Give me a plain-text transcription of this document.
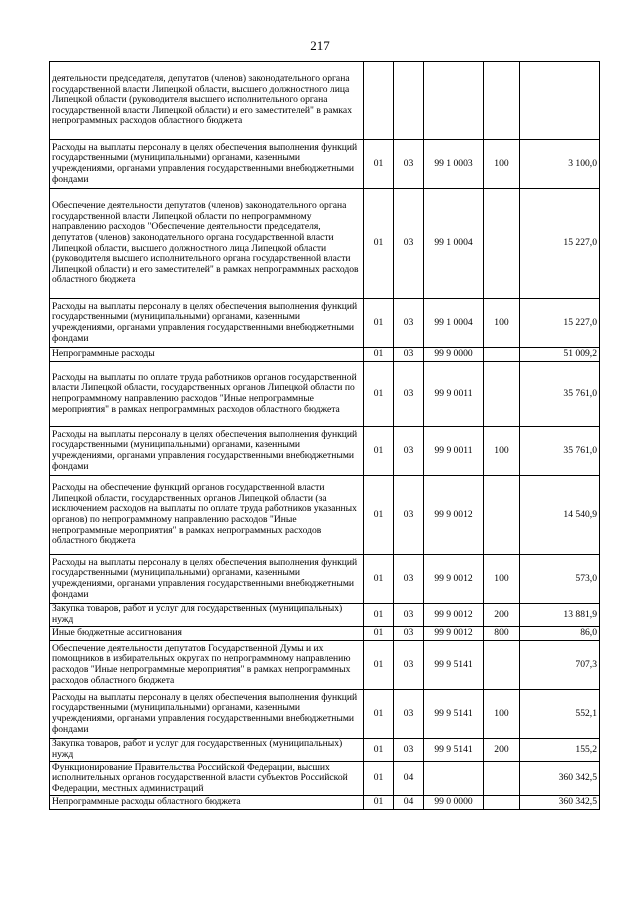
217
деятельности председателя, депутатов (членов) законодательного органа государственной власти Липецкой области, высшего должностного лица Липецкой области (руководителя высшего исполнительного органа государственной власти Липецкой области) и его заместителей" в рамках непрограммных расходов областного бюджета					
Расходы на выплаты персоналу в целях обеспечения выполнения функций государственными (муниципальными) органами, казенными учреждениями, органами управления государственными внебюджетными фондами	01	03	99 1 0003	100	3 100,0
Обеспечение деятельности депутатов (членов) законодательного органа государственной власти Липецкой области по непрограммному направлению расходов "Обеспечение деятельности председателя, депутатов (членов) законодательного органа государственной власти Липецкой области, высшего должностного лица Липецкой области (руководителя высшего исполнительного органа государственной власти Липецкой области) и его заместителей" в рамках непрограммных расходов областного бюджета	01	03	99 1 0004		15 227,0
Расходы на выплаты персоналу в целях обеспечения выполнения функций государственными (муниципальными) органами, казенными учреждениями, органами управления государственными внебюджетными фондами	01	03	99 1 0004	100	15 227,0
Непрограммные расходы	01	03	99 9 0000		51 009,2
Расходы на выплаты по оплате труда работников органов государственной власти Липецкой области, государственных органов Липецкой области по непрограммному направлению расходов "Иные непрограммные мероприятия" в рамках непрограммных расходов областного бюджета	01	03	99 9 0011		35 761,0
Расходы на выплаты персоналу в целях обеспечения выполнения функций государственными (муниципальными) органами, казенными учреждениями, органами управления государственными внебюджетными фондами	01	03	99 9 0011	100	35 761,0
Расходы на обеспечение функций органов государственной власти Липецкой области, государственных органов Липецкой области (за исключением расходов на выплаты по оплате труда работников указанных органов) по непрограммному направлению расходов "Иные непрограммные мероприятия" в рамках непрограммных расходов областного бюджета	01	03	99 9 0012		14 540,9
Расходы на выплаты персоналу в целях обеспечения выполнения функций государственными (муниципальными) органами, казенными учреждениями, органами управления государственными внебюджетными фондами	01	03	99 9 0012	100	573,0
Закупка товаров, работ и услуг для государственных (муниципальных) нужд	01	03	99 9 0012	200	13 881,9
Иные бюджетные ассигнования	01	03	99 9 0012	800	86,0
Обеспечение деятельности депутатов Государственной Думы и их помощников в избирательных округах по непрограммному направлению расходов "Иные непрограммные мероприятия" в рамках непрограммных расходов областного бюджета	01	03	99 9 5141		707,3
Расходы на выплаты персоналу в целях обеспечения выполнения функций государственными (муниципальными) органами, казенными учреждениями, органами управления государственными внебюджетными фондами	01	03	99 9 5141	100	552,1
Закупка товаров, работ и услуг для государственных (муниципальных) нужд	01	03	99 9 5141	200	155,2
Функционирование Правительства Российской Федерации, высших исполнительных органов государственной власти субъектов Российской Федерации, местных администраций	01	04			360 342,5
Непрограммные расходы областного бюджета	01	04	99 0 0000		360 342,5
